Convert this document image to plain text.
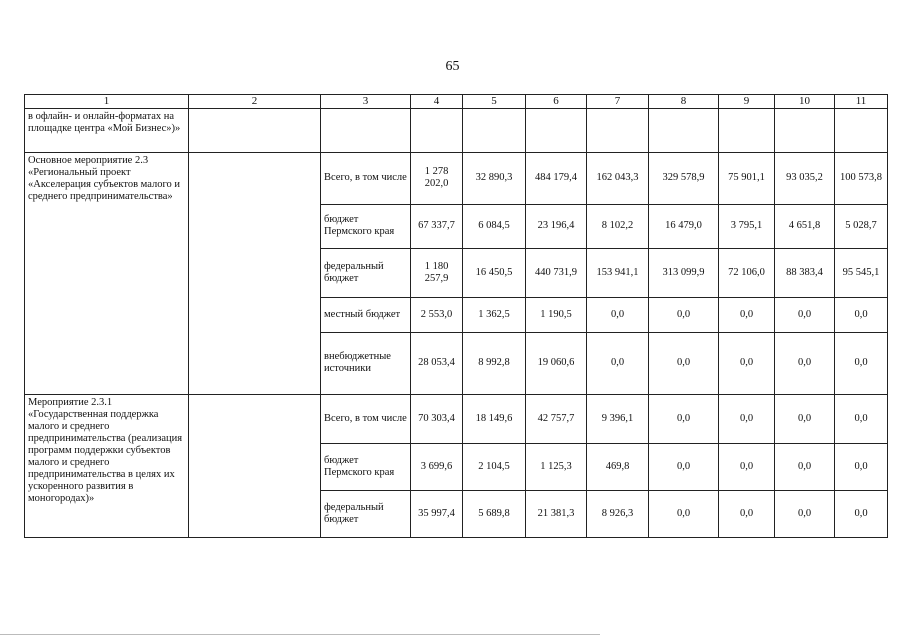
65
1	2	3	4	5	6	7	8	9	10	11
в офлайн- и онлайн-форматах на площадке центра «Мой Бизнес»)»										
Основное мероприятие 2.3 «Региональный проект «Акселерация субъектов малого и среднего предпринимательства»		Всего, в том числе	1 278 202,0	32 890,3	484 179,4	162 043,3	329 578,9	75 901,1	93 035,2	100 573,8
		бюджет Пермского края	67 337,7	6 084,5	23 196,4	8 102,2	16 479,0	3 795,1	4 651,8	5 028,7
		федеральный бюджет	1 180 257,9	16 450,5	440 731,9	153 941,1	313 099,9	72 106,0	88 383,4	95 545,1
		местный бюджет	2 553,0	1 362,5	1 190,5	0,0	0,0	0,0	0,0	0,0
		внебюджетные источники	28 053,4	8 992,8	19 060,6	0,0	0,0	0,0	0,0	0,0
Мероприятие 2.3.1 «Государственная поддержка малого и среднего предпринимательства (реализация программ поддержки субъектов малого и среднего предпринимательства в целях их ускоренного развития в моногородах)»		Всего, в том числе	70 303,4	18 149,6	42 757,7	9 396,1	0,0	0,0	0,0	0,0
		бюджет Пермского края	3 699,6	2 104,5	1 125,3	469,8	0,0	0,0	0,0	0,0
		федеральный бюджет	35 997,4	5 689,8	21 381,3	8 926,3	0,0	0,0	0,0	0,0
